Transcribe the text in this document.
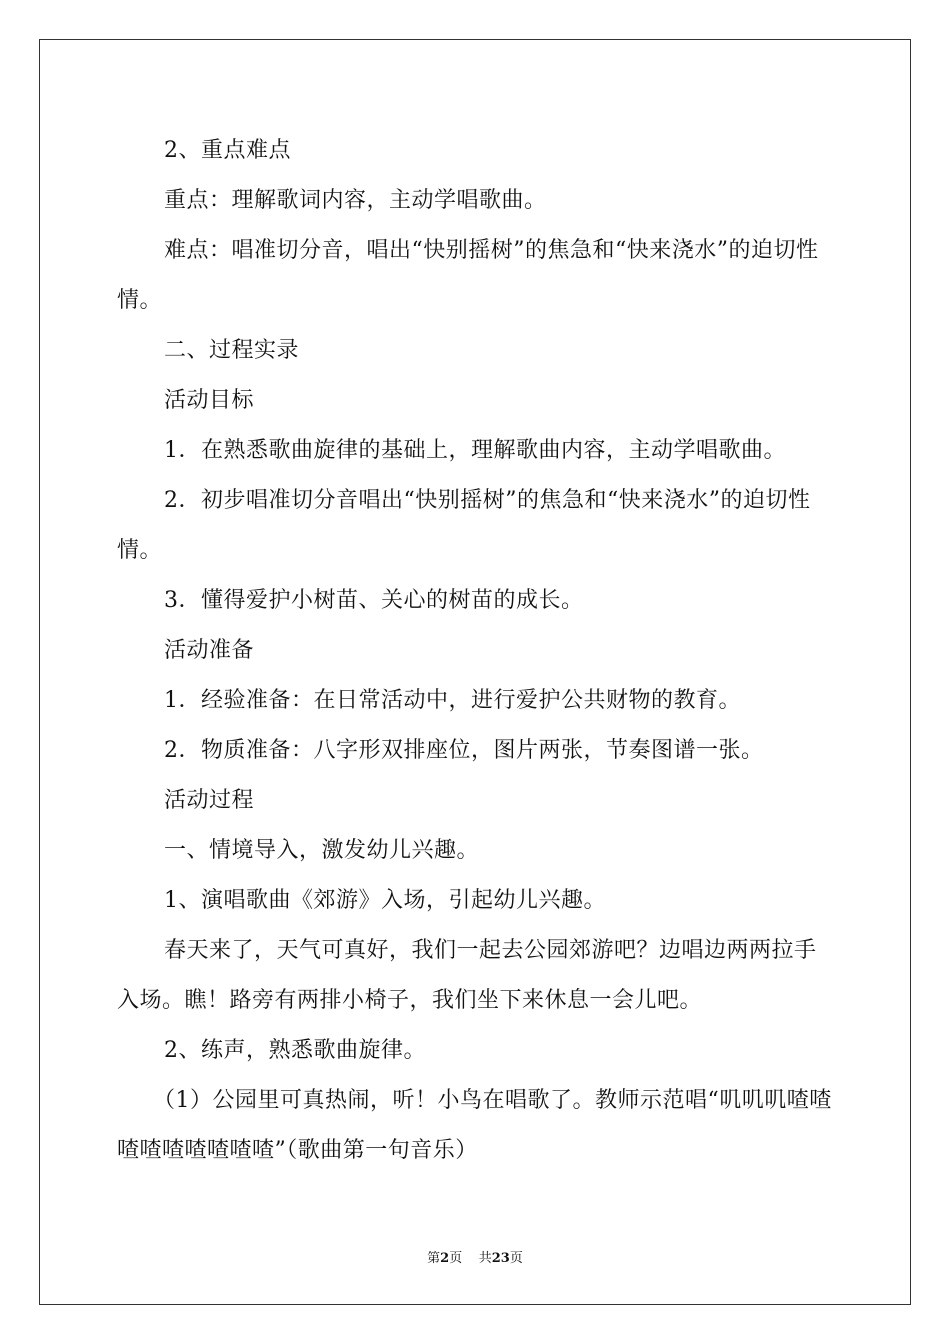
2、重点难点

重点：理解歌词内容，主动学唱歌曲。

难点：唱准切分音，唱出“快别摇树”的焦急和“快来浇水”的迫切性情。

二、过程实录

活动目标

1．在熟悉歌曲旋律的基础上，理解歌曲内容，主动学唱歌曲。

2．初步唱准切分音唱出“快别摇树”的焦急和“快来浇水”的迫切性情。

3．懂得爱护小树苗、关心的树苗的成长。

活动准备

1．经验准备：在日常活动中，进行爱护公共财物的教育。

2．物质准备：八字形双排座位，图片两张，节奏图谱一张。

活动过程

一、情境导入，激发幼儿兴趣。

1、演唱歌曲《郊游》入场，引起幼儿兴趣。

春天来了，天气可真好，我们一起去公园郊游吧？边唱边两两拉手入场。瞧！路旁有两排小椅子，我们坐下来休息一会儿吧。

2、练声，熟悉歌曲旋律。

（1）公园里可真热闹，听！小鸟在唱歌了。教师示范唱“叽叽叽喳喳喳喳喳喳喳喳喳”（歌曲第一句音乐）

第2页 共23页
